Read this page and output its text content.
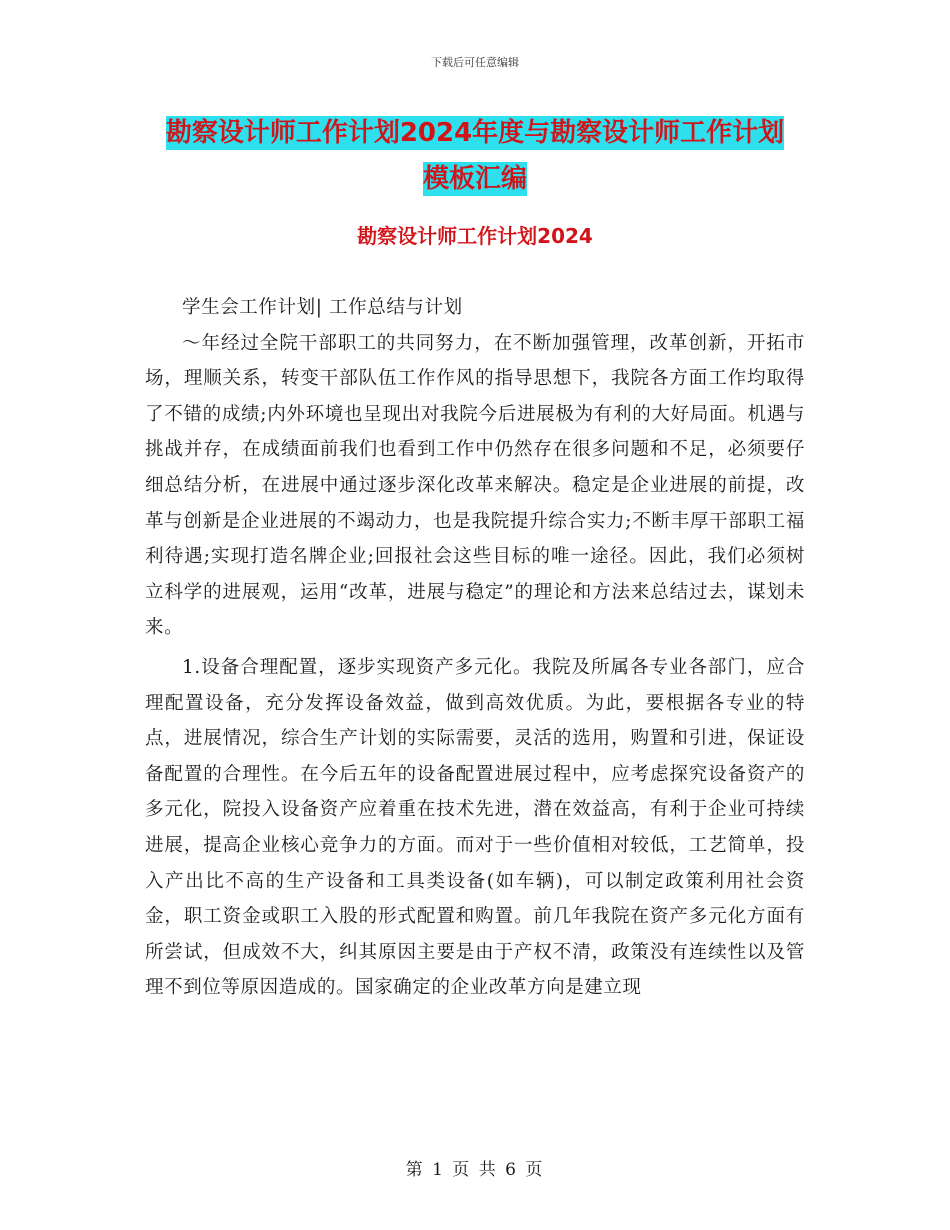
下载后可任意编辑
勘察设计师工作计划2024年度与勘察设计师工作计划
模板汇编
勘察设计师工作计划2024

学生会工作计划| 工作总结与计划

～年经过全院干部职工的共同努力，在不断加强管理，改革创新，开拓市场，理顺关系，转变干部队伍工作作风的指导思想下，我院各方面工作均取得了不错的成绩;内外环境也呈现出对我院今后进展极为有利的大好局面。机遇与挑战并存，在成绩面前我们也看到工作中仍然存在很多问题和不足，必须要仔细总结分析，在进展中通过逐步深化改革来解决。稳定是企业进展的前提，改革与创新是企业进展的不竭动力，也是我院提升综合实力;不断丰厚干部职工福利待遇;实现打造名牌企业;回报社会这些目标的唯一途径。因此，我们必须树立科学的进展观，运用“改革，进展与稳定”的理论和方法来总结过去，谋划未来。

1.设备合理配置，逐步实现资产多元化。我院及所属各专业各部门，应合理配置设备，充分发挥设备效益，做到高效优质。为此，要根据各专业的特点，进展情况，综合生产计划的实际需要，灵活的选用，购置和引进，保证设备配置的合理性。在今后五年的设备配置进展过程中，应考虑探究设备资产的多元化，院投入设备资产应着重在技术先进，潜在效益高，有利于企业可持续进展，提高企业核心竞争力的方面。而对于一些价值相对较低，工艺简单，投入产出比不高的生产设备和工具类设备(如车辆)，可以制定政策利用社会资金，职工资金或职工入股的形式配置和购置。前几年我院在资产多元化方面有所尝试，但成效不大，纠其原因主要是由于产权不清，政策没有连续性以及管理不到位等原因造成的。国家确定的企业改革方向是建立现

第 1 页 共 6 页
